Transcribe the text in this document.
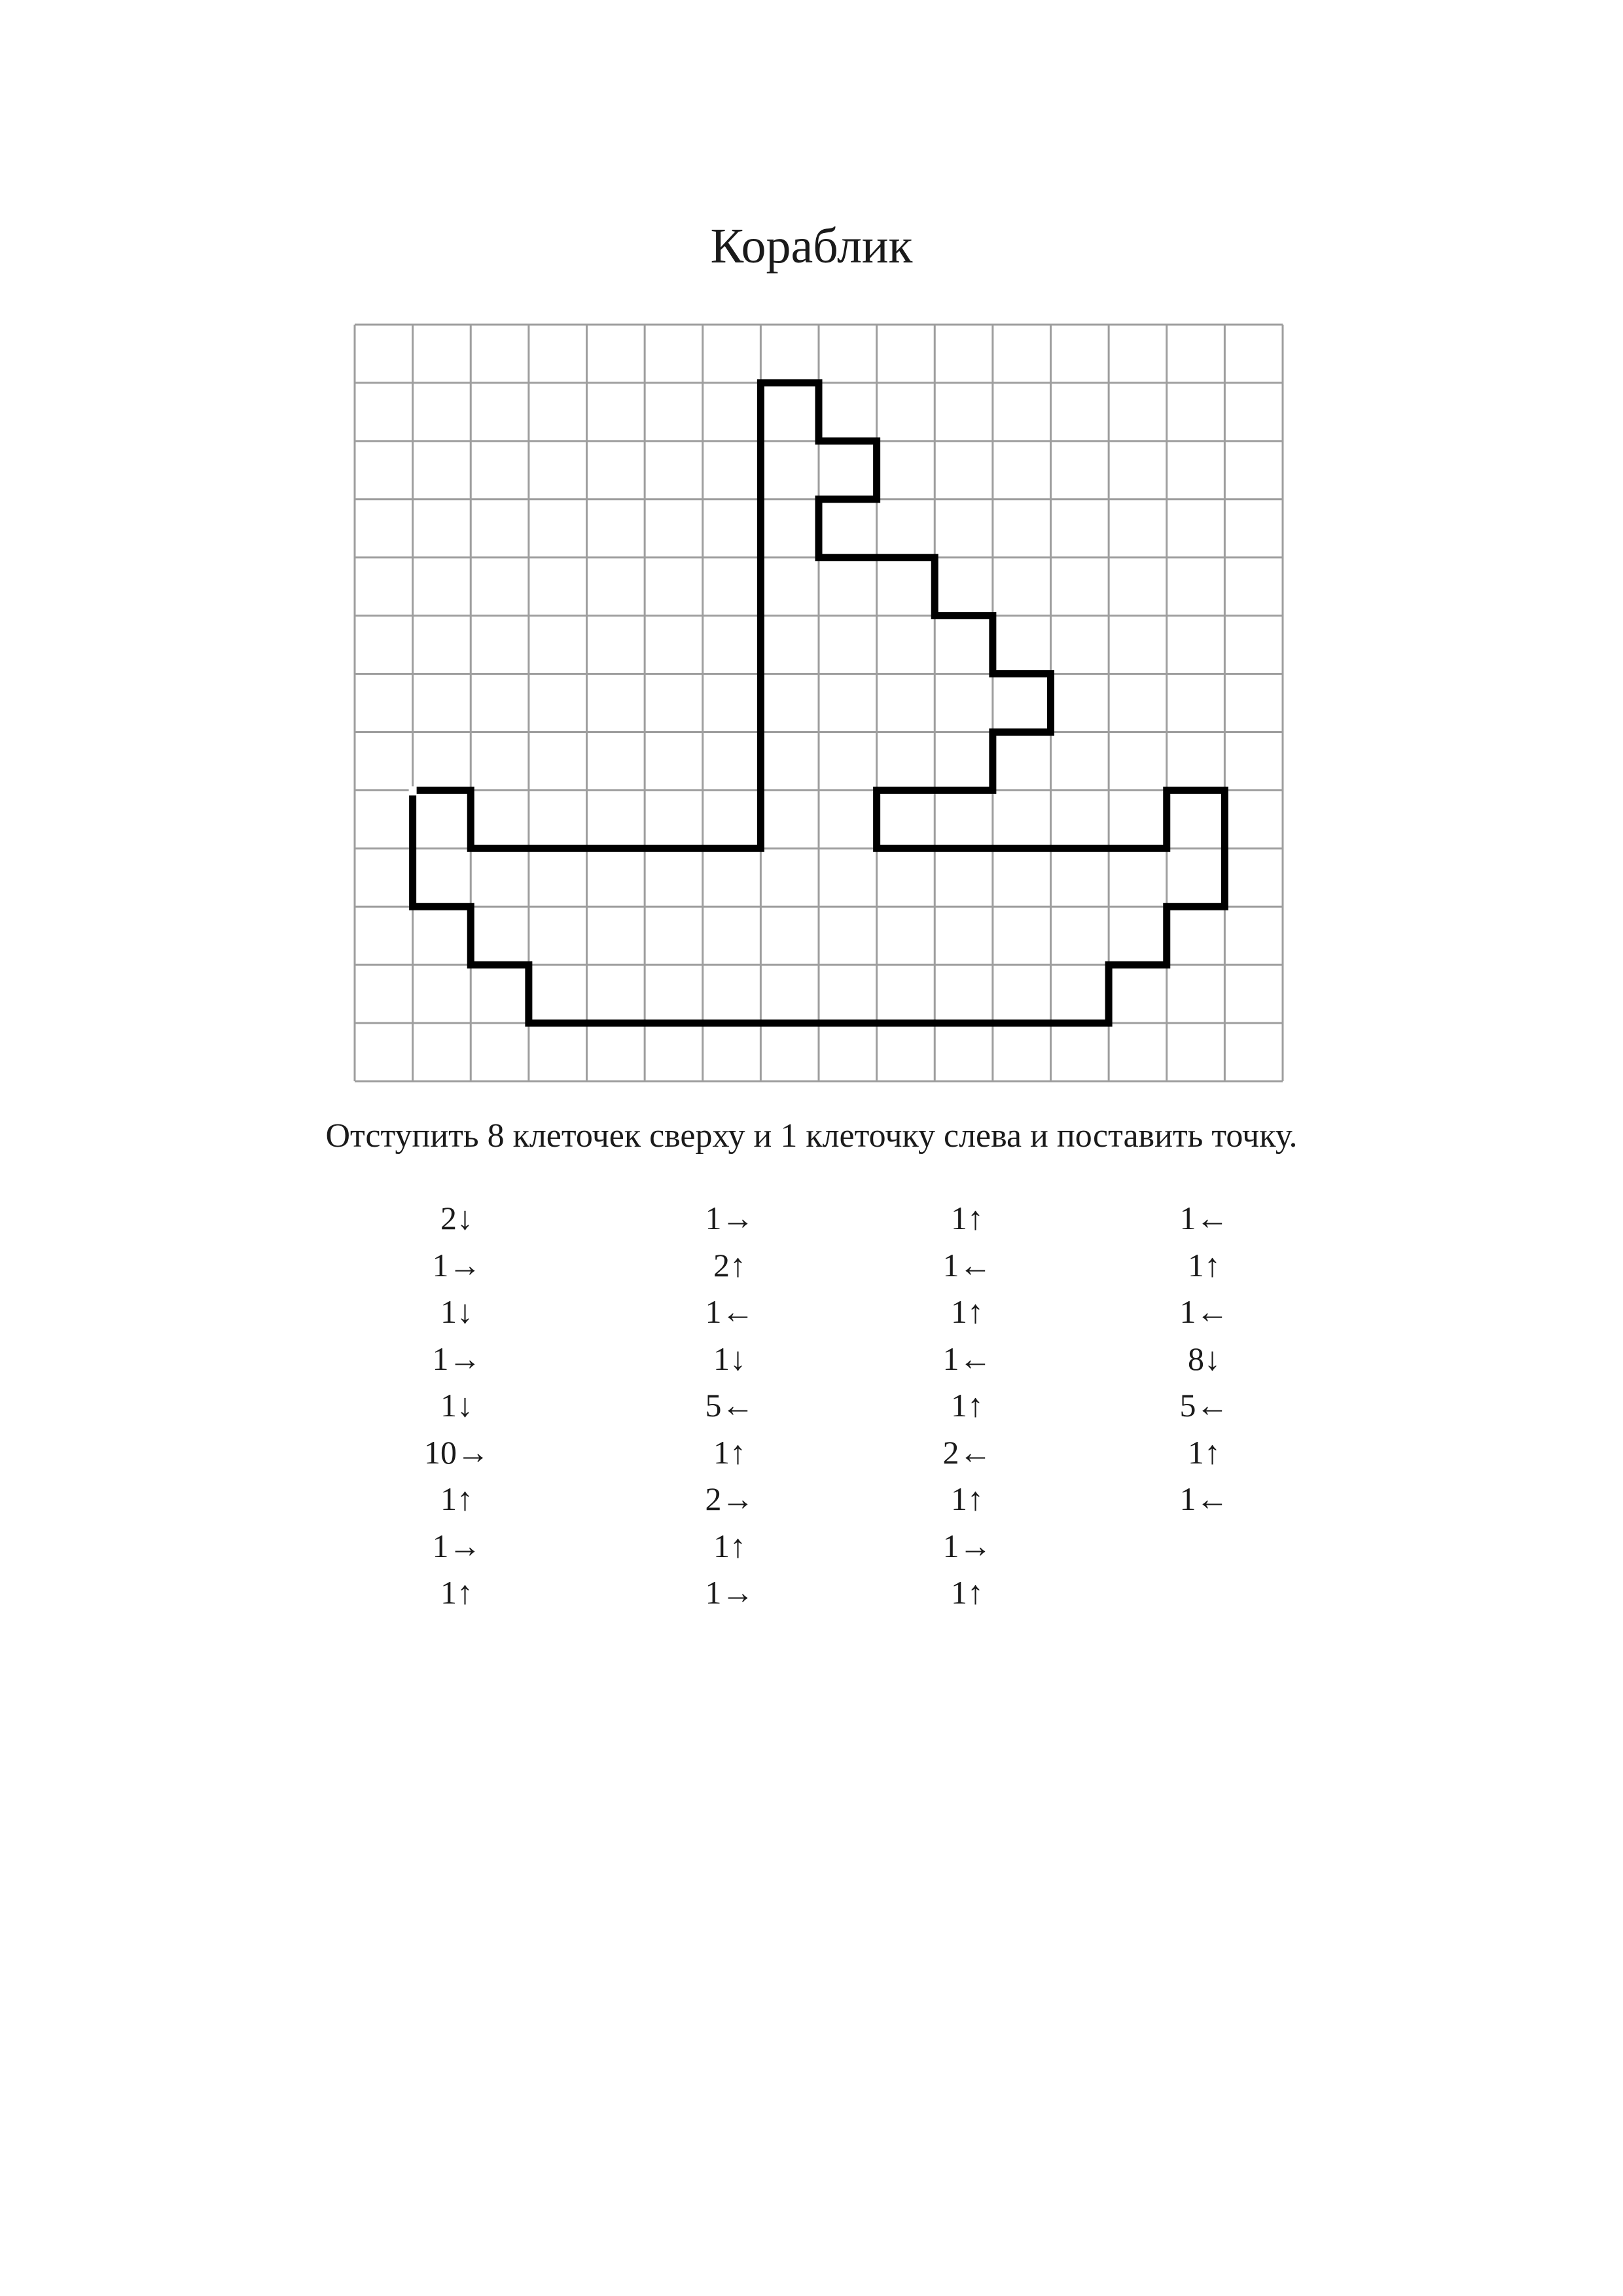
Кораблик
Отступить 8 клеточек сверху и 1 клеточку слева и поставить точку.
2↓
1→
1↓
1→
1↓
10→
1↑
1→
1↑
1→
2↑
1←
1↓
5←
1↑
2→
1↑
1→
1↑
1←
1↑
1←
1↑
2←
1↑
1→
1↑
1←
1↑
1←
8↓
5←
1↑
1←
